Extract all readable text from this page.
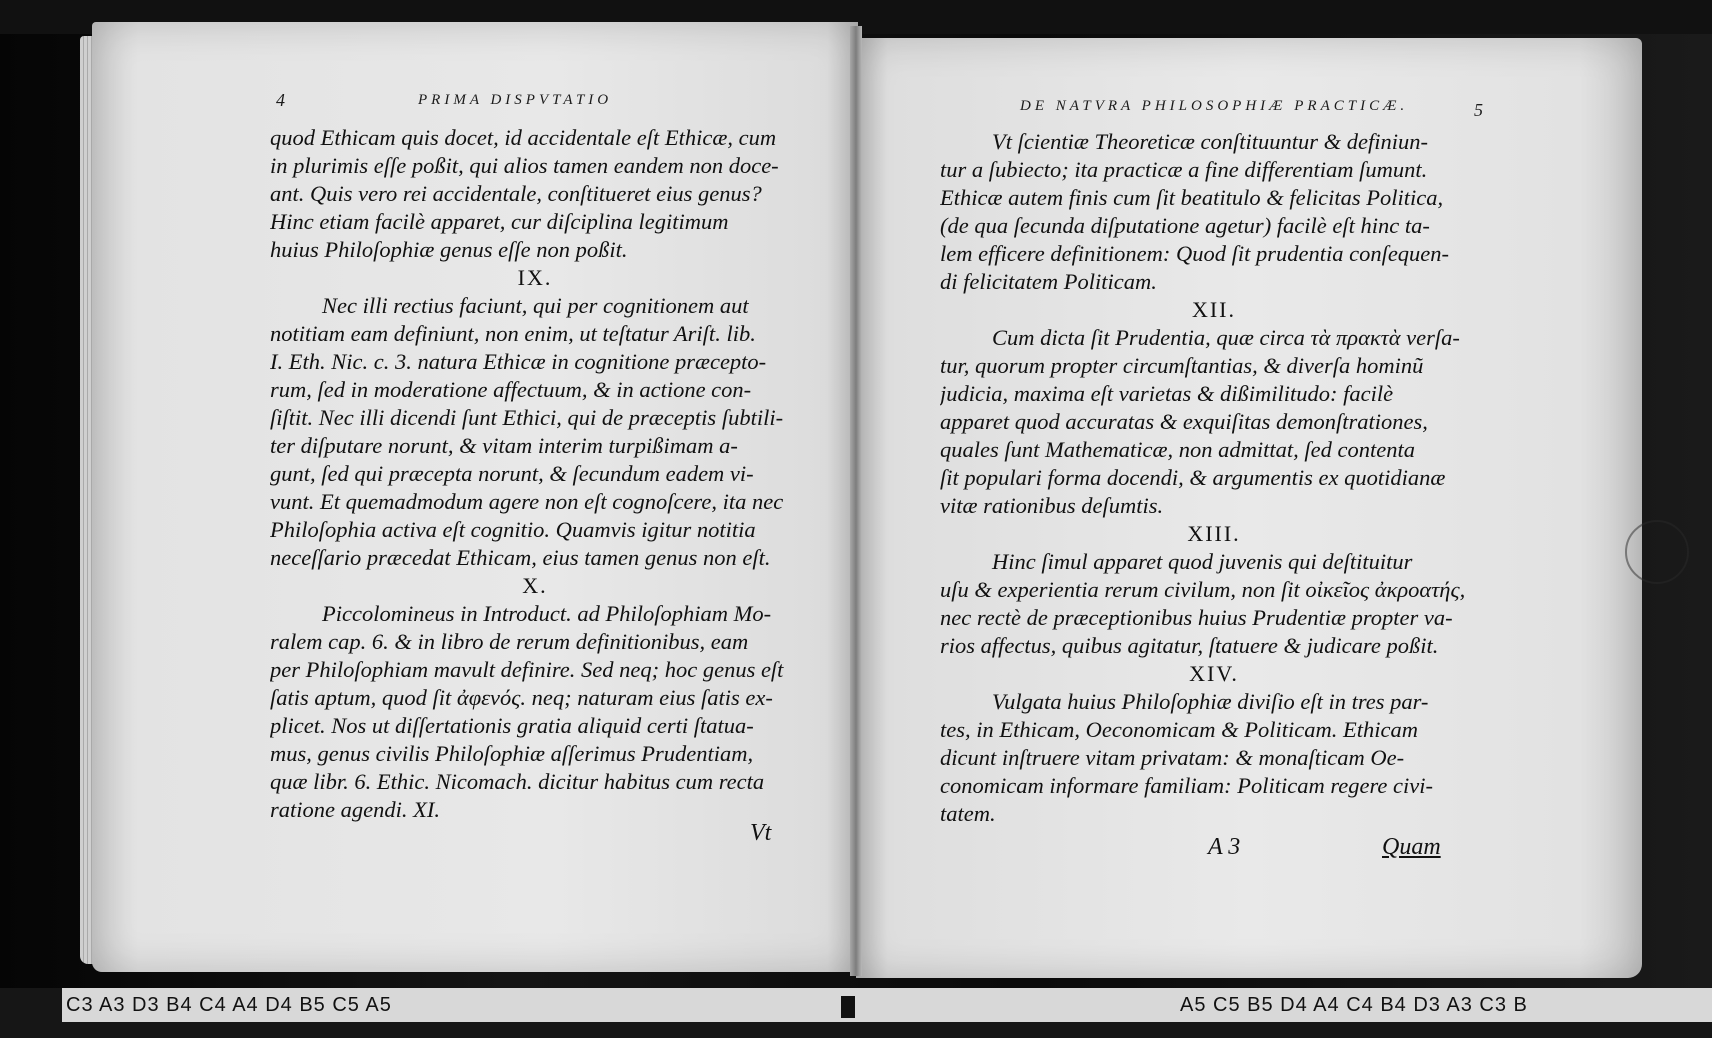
4	PRIMA DISPVTATIO
quod Ethicam quis docet, id accidentale eſt Ethicæ, cum
in plurimis eſſe poßit, qui alios tamen eandem non doce-
ant. Quis vero rei accidentale, conſtitueret eius genus?
Hinc etiam facilè apparet, cur diſciplina legitimum
huius Philoſophiæ genus eſſe non poßit.
IX.
Nec illi rectius faciunt, qui per cognitionem aut
notitiam eam definiunt, non enim, ut teſtatur Ariſt. lib.
I. Eth. Nic. c. 3. natura Ethicæ in cognitione præcepto-
rum, ſed in moderatione affectuum, & in actione con-
ſiſtit. Nec illi dicendi ſunt Ethici, qui de præceptis ſubtili-
ter diſputare norunt, & vitam interim turpißimam a-
gunt, ſed qui præcepta norunt, & ſecundum eadem vi-
vunt. Et quemadmodum agere non eſt cognoſcere, ita nec
Philoſophia activa eſt cognitio. Quamvis igitur notitia
neceſſario præcedat Ethicam, eius tamen genus non eſt.
X.
Piccolomineus in Introduct. ad Philoſophiam Mo-
ralem cap. 6. & in libro de rerum definitionibus, eam
per Philoſophiam mavult definire. Sed neq; hoc genus eſt
ſatis aptum, quod ſit ἀφενός. neq; naturam eius ſatis ex-
plicet. Nos ut diſſertationis gratia aliquid certi ſtatua-
mus, genus civilis Philoſophiæ aſſerimus Prudentiam,
quæ libr. 6. Ethic. Nicomach. dicitur habitus cum recta
ratione agendi. XI.
Vt
DE NATVRA PHILOSOPHIÆ PRACTICÆ.	5
Vt ſcientiæ Theoreticæ conſtituuntur & definiun-
tur a ſubiecto; ita practicæ a fine differentiam ſumunt.
Ethicæ autem finis cum ſit beatitulo & felicitas Politica,
(de qua ſecunda diſputatione agetur) facilè eſt hinc ta-
lem efficere definitionem: Quod ſit prudentia conſequen-
di felicitatem Politicam.
XII.
Cum dicta ſit Prudentia, quæ circa τὰ πρακτὰ verſa-
tur, quorum propter circumſtantias, & diverſa hominũ
judicia, maxima eſt varietas & dißimilitudo: facilè
apparet quod accuratas & exquiſitas demonſtrationes,
quales ſunt Mathematicæ, non admittat, ſed contenta
ſit populari forma docendi, & argumentis ex quotidianæ
vitæ rationibus deſumtis.
XIII.
Hinc ſimul apparet quod juvenis qui deſtituitur
uſu & experientia rerum civilum, non ſit οἰκεῖος ἀκροατής,
nec rectè de præceptionibus huius Prudentiæ propter va-
rios affectus, quibus agitatur, ſtatuere & judicare poßit.
XIV.
Vulgata huius Philoſophiæ diviſio eſt in tres par-
tes, in Ethicam, Oeconomicam & Politicam. Ethicam
dicunt inſtruere vitam privatam: & monaſticam Oe-
conomicam informare familiam: Politicam regere civi-
tatem.
A 3	Quam
C3 A3 D3 B4 C4 A4 D4 B5 C5 A5	A5 C5 B5 D4 A4 C4 B4 D3 A3 C3 B
